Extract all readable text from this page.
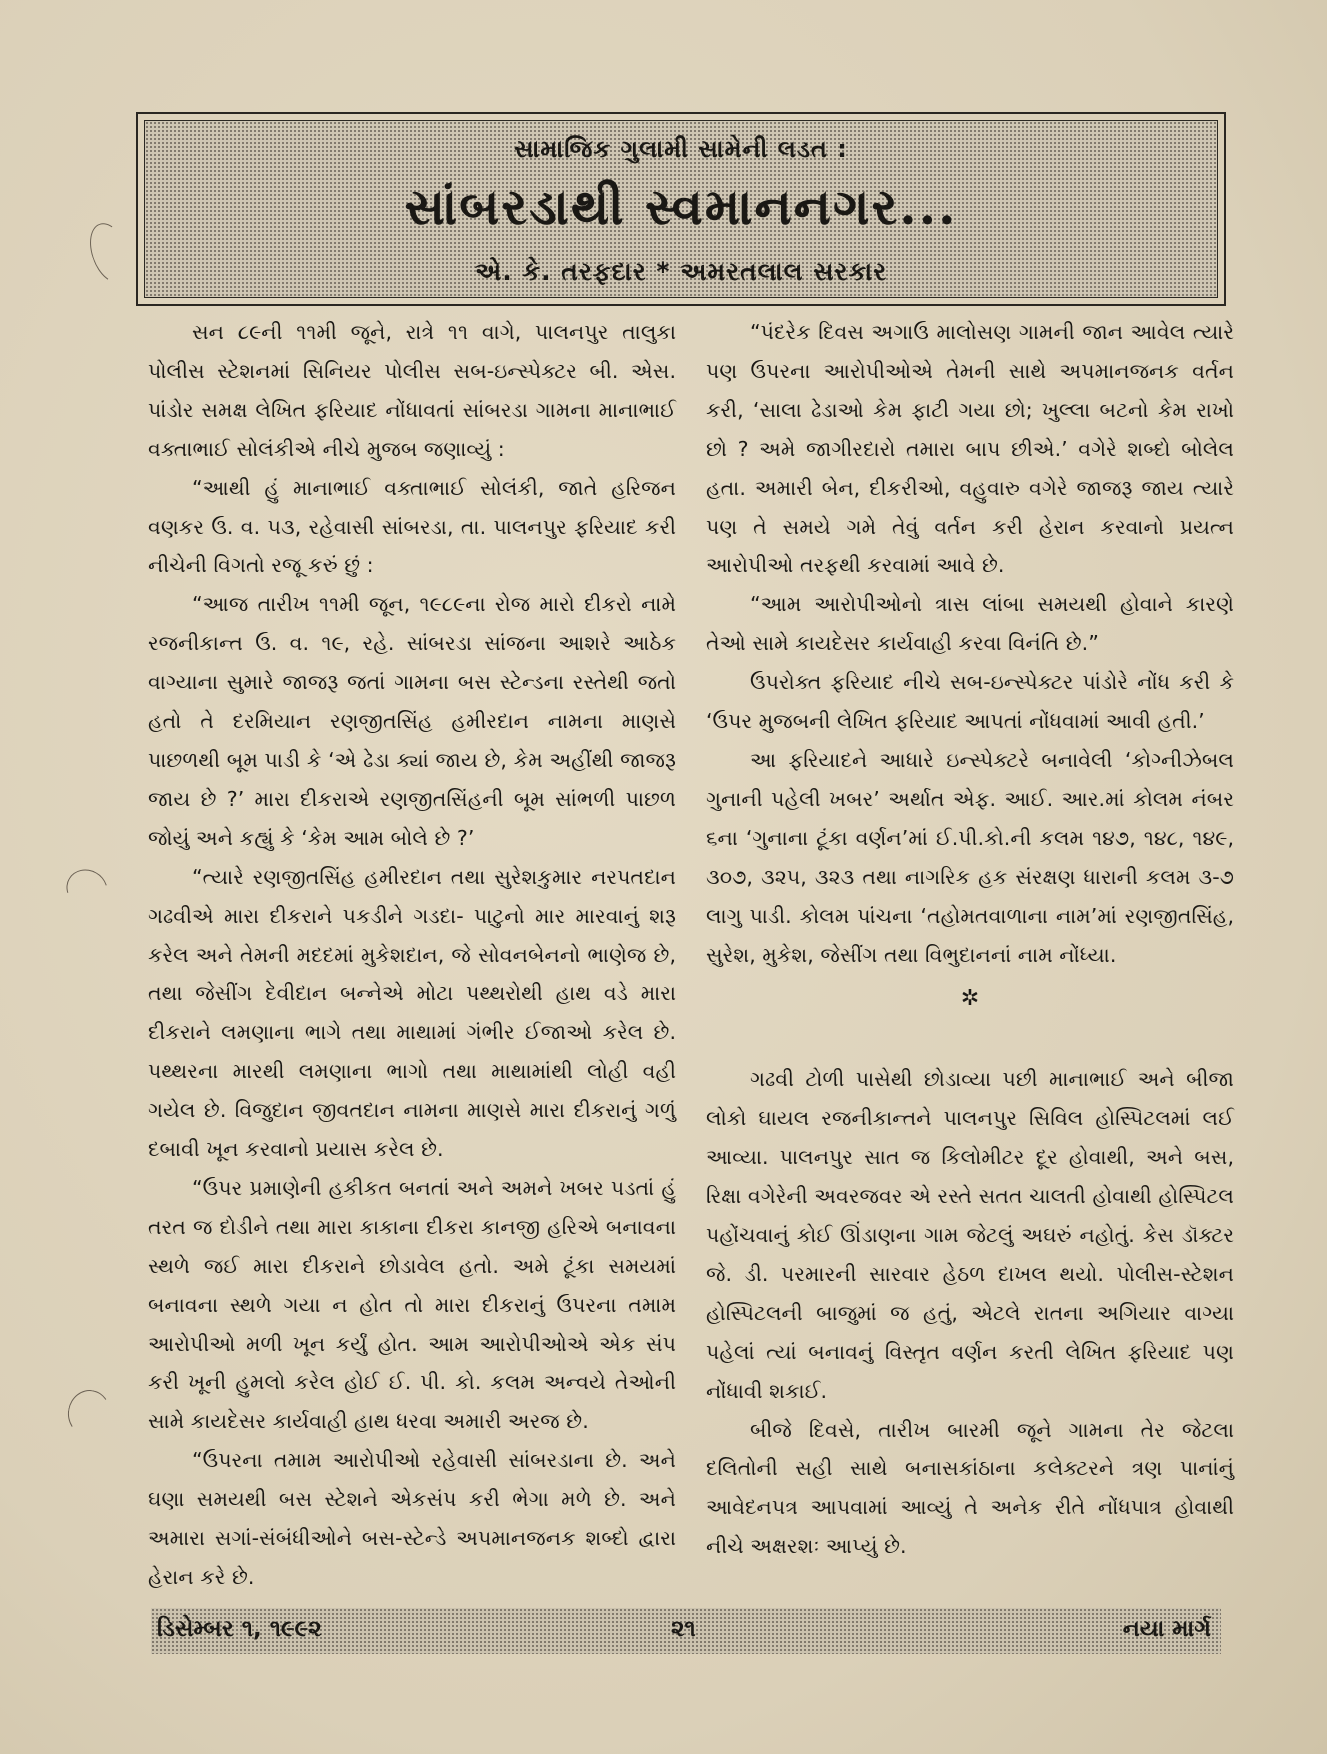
સામાજિક ગુલામી સામેની લડત :
સાંબરડાથી સ્વમાનનગર...
એ. કે. તરફદાર * અમરતલાલ સરકાર

સન ૮૯ની ૧૧મી જૂને, રાત્રે ૧૧ વાગે, પાલનપુર તાલુકા પોલીસ સ્ટેશનમાં સિનિયર પોલીસ સબ-ઇન્સ્પેક્ટર બી. એસ. પાંડોર સમક્ષ લેખિત ફરિયાદ નોંધાવતાં સાંબરડા ગામના માનાભાઈ વક્તાભાઈ સોલંકીએ નીચે મુજબ જણાવ્યું :

“આથી હું માનાભાઈ વક્તાભાઈ સોલંકી, જાતે હરિજન વણકર ઉ. વ. ૫૩, રહેવાસી સાંબરડા, તા. પાલનપુર ફરિયાદ કરી નીચેની વિગતો રજૂ કરું છું :

“આજ તારીખ ૧૧મી જૂન, ૧૯૮૯ના રોજ મારો દીકરો નામે રજનીકાન્ત ઉ. વ. ૧૯, રહે. સાંબરડા સાંજના આશરે આઠેક વાગ્યાના સુમારે જાજરૂ જતાં ગામના બસ સ્ટેન્ડના રસ્તેથી જતો હતો તે દરમિયાન રણજીતસિંહ હમીરદાન નામના માણસે પાછળથી બૂમ પાડી કે ‘એ ઢેડા ક્યાં જાય છે, કેમ અહીંથી જાજરૂ જાય છે ?’ મારા દીકરાએ રણજીતસિંહની બૂમ સાંભળી પાછળ જોયું અને કહ્યું કે ‘કેમ આમ બોલે છે ?’

“ત્યારે રણજીતસિંહ હમીરદાન તથા સુરેશકુમાર નરપતદાન ગઢવીએ મારા દીકરાને પકડીને ગડદા- પાટુનો માર મારવાનું શરૂ કરેલ અને તેમની મદદમાં મુકેશદાન, જે સોવનબેનનો ભાણેજ છે, તથા જેસીંગ દેવીદાન બન્નેએ મોટા પથ્થરોથી હાથ વડે મારા દીકરાને લમણાના ભાગે તથા માથામાં ગંભીર ઈજાઓ કરેલ છે. પથ્થરના મારથી લમણાના ભાગો તથા માથામાંથી લોહી વહી ગયેલ છે. વિજુદાન જીવતદાન નામના માણસે મારા દીકરાનું ગળું દબાવી ખૂન કરવાનો પ્રયાસ કરેલ છે.

“ઉપર પ્રમાણેની હકીકત બનતાં અને અમને ખબર પડતાં હું તરત જ દોડીને તથા મારા કાકાના દીકરા કાનજી હરિએ બનાવના સ્થળે જઈ મારા દીકરાને છોડાવેલ હતો. અમે ટૂંકા સમયમાં બનાવના સ્થળે ગયા ન હોત તો મારા દીકરાનું ઉપરના તમામ આરોપીઓ મળી ખૂન કર્યું હોત. આમ આરોપીઓએ એક સંપ કરી ખૂની હુમલો કરેલ હોઈ ઈ. પી. કો. કલમ અન્વયે તેઓની સામે કાયદેસર કાર્યવાહી હાથ ધરવા અમારી અરજ છે.

“ઉપરના તમામ આરોપીઓ રહેવાસી સાંબરડાના છે. અને ઘણા સમયથી બસ સ્ટેશને એકસંપ કરી ભેગા મળે છે. અને અમારા સગાં-સંબંધીઓને બસ-સ્ટેન્ડે અપમાનજનક શબ્દો દ્વારા હેરાન કરે છે.

“પંદરેક દિવસ અગાઉ માલોસણ ગામની જાન આવેલ ત્યારે પણ ઉપરના આરોપીઓએ તેમની સાથે અપમાનજનક વર્તન કરી, ‘સાલા ઢેડાઓ કેમ ફાટી ગયા છો; ખુલ્લા બટનો કેમ રાખો છો ? અમે જાગીરદારો તમારા બાપ છીએ.’ વગેરે શબ્દો બોલેલ હતા. અમારી બેન, દીકરીઓ, વહુવારુ વગેરે જાજરૂ જાય ત્યારે પણ તે સમયે ગમે તેવું વર્તન કરી હેરાન કરવાનો પ્રયત્ન આરોપીઓ તરફથી કરવામાં આવે છે.

“આમ આરોપીઓનો ત્રાસ લાંબા સમયથી હોવાને કારણે તેઓ સામે કાયદેસર કાર્યવાહી કરવા વિનંતિ છે.”

ઉપરોક્ત ફરિયાદ નીચે સબ-ઇન્સ્પેક્ટર પાંડોરે નોંધ કરી કે ‘ઉપર મુજબની લેખિત ફરિયાદ આપતાં નોંધવામાં આવી હતી.’

આ ફરિયાદને આધારે ઇન્સ્પેક્ટરે બનાવેલી ‘કોગ્નીઝેબલ ગુનાની પહેલી ખબર’ અર્થાત એફ. આઈ. આર.માં કોલમ નંબર ૬ના ‘ગુનાના ટૂંકા વર્ણન’માં ઈ.પી.કો.ની કલમ ૧૪૭, ૧૪૮, ૧૪૯, ૩૦૭, ૩૨૫, ૩૨૩ તથા નાગરિક હક સંરક્ષણ ધારાની કલમ ૩-૭ લાગુ પાડી. કોલમ પાંચના ‘તહોમતવાળાના નામ’માં રણજીતસિંહ, સુરેશ, મુકેશ, જેસીંગ તથા વિભુદાનનાં નામ નોંધ્યા.

✲

ગઢવી ટોળી પાસેથી છોડાવ્યા પછી માનાભાઈ અને બીજા લોકો ઘાયલ રજનીકાન્તને પાલનપુર સિવિલ હોસ્પિટલમાં લઈ આવ્યા. પાલનપુર સાત જ કિલોમીટર દૂર હોવાથી, અને બસ, રિક્ષા વગેરેની અવરજવર એ રસ્તે સતત ચાલતી હોવાથી હોસ્પિટલ પહોંચવાનું કોઈ ઊંડાણના ગામ જેટલું અઘરું નહોતું. કેસ ડૉક્ટર જે. ડી. પરમારની સારવાર હેઠળ દાખલ થયો. પોલીસ-સ્ટેશન હોસ્પિટલની બાજુમાં જ હતું, એટલે રાતના અગિયાર વાગ્યા પહેલાં ત્યાં બનાવનું વિસ્તૃત વર્ણન કરતી લેખિત ફરિયાદ પણ નોંધાવી શકાઈ.

બીજે દિવસે, તારીખ બારમી જૂને ગામના તેર જેટલા દલિતોની સહી સાથે બનાસકાંઠાના કલેક્ટરને ત્રણ પાનાંનું આવેદનપત્ર આપવામાં આવ્યું તે અનેક રીતે નોંધપાત્ર હોવાથી નીચે અક્ષરશઃ આપ્યું છે.

ડિસેમ્બર ૧, ૧૯૯૨	૨૧	નયા માર્ગ
